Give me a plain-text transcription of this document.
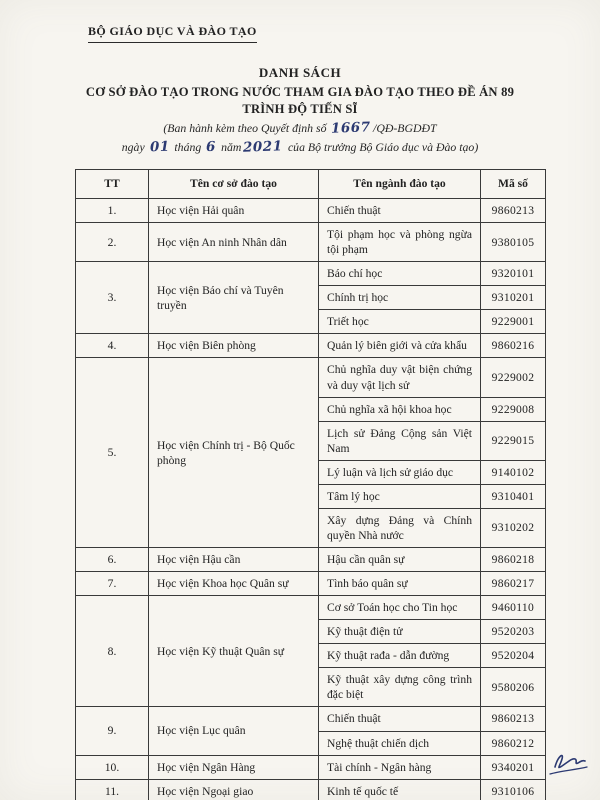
BỘ GIÁO DỤC VÀ ĐÀO TẠO
DANH SÁCH
CƠ SỞ ĐÀO TẠO TRONG NƯỚC THAM GIA ĐÀO TẠO THEO ĐỀ ÁN 89
TRÌNH ĐỘ TIẾN SĨ
(Ban hành kèm theo Quyết định số 1667 /QĐ-BGDĐT
ngày 01 tháng 6 năm 2021 của Bộ trưởng Bộ Giáo dục và Đào tạo)
TT	Tên cơ sở đào tạo	Tên ngành đào tạo	Mã số
1.	Học viện Hải quân	Chiến thuật	9860213
2.	Học viện An ninh Nhân dân	Tội phạm học và phòng ngừa tội phạm	9380105
3.	Học viện Báo chí và Tuyên truyền	Báo chí học	9320101
		Chính trị học	9310201
		Triết học	9229001
4.	Học viện Biên phòng	Quản lý biên giới và cửa khẩu	9860216
5.	Học viện Chính trị - Bộ Quốc phòng	Chủ nghĩa duy vật biện chứng và duy vật lịch sử	9229002
		Chủ nghĩa xã hội khoa học	9229008
		Lịch sử Đảng Cộng sản Việt Nam	9229015
		Lý luận và lịch sử giáo dục	9140102
		Tâm lý học	9310401
		Xây dựng Đảng và Chính quyền Nhà nước	9310202
6.	Học viện Hậu cần	Hậu cần quân sự	9860218
7.	Học viện Khoa học Quân sự	Tình báo quân sự	9860217
8.	Học viện Kỹ thuật Quân sự	Cơ sở Toán học cho Tin học	9460110
		Kỹ thuật điện tử	9520203
		Kỹ thuật rađa - dẫn đường	9520204
		Kỹ thuật xây dựng công trình đặc biệt	9580206
9.	Học viện Lục quân	Chiến thuật	9860213
		Nghệ thuật chiến dịch	9860212
10.	Học viện Ngân Hàng	Tài chính - Ngân hàng	9340201
11.	Học viện Ngoại giao	Kinh tế quốc tế	9310106
